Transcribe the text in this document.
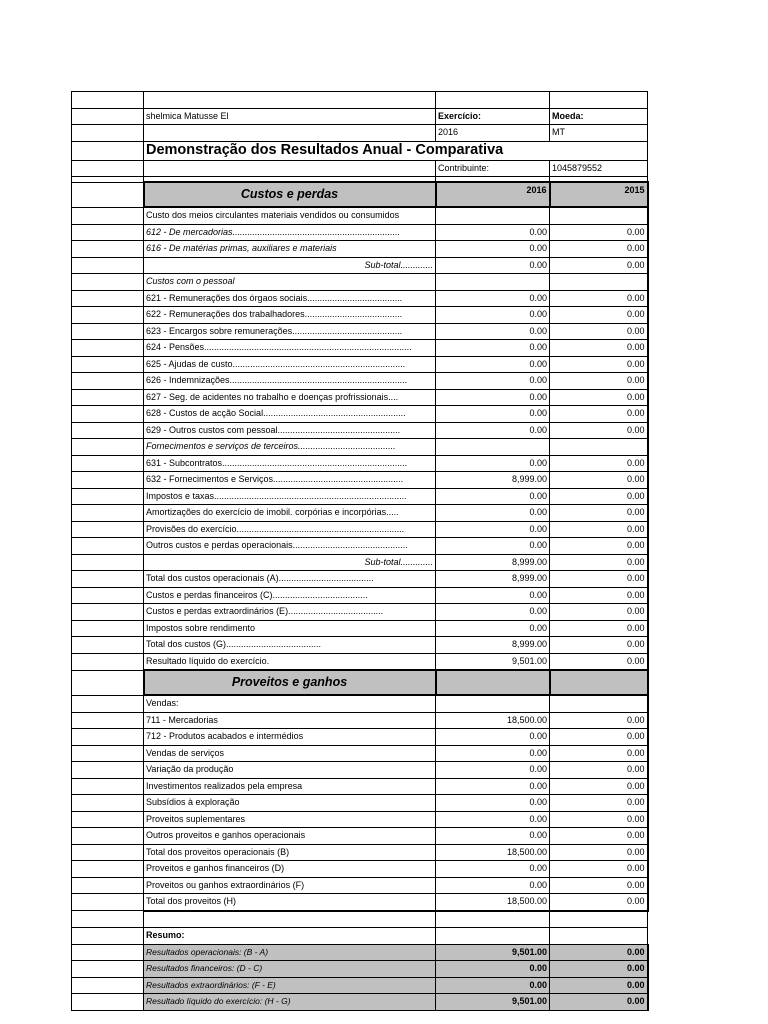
	shelmica Matusse El	Exercício:	Moeda:
		2016	MT
	Demonstração dos Resultados Anual - Comparativa		
		Contribuinte:	1045879552

	Custos e perdas	2016	2015
	Custo dos meios circulantes materiais vendidos ou consumidos		
	612 - De mercadorias...................................................................	0.00	0.00
	616 - De matérias primas, auxiliares e materiais	0.00	0.00
	Sub-total.............	0.00	0.00
	Custos com o pessoal		
	621 - Remunerações dos órgaos sociais......................................	0.00	0.00
	622 - Remunerações dos trabalhadores.......................................	0.00	0.00
	623 - Encargos sobre remunerações............................................	0.00	0.00
	624 - Pensões...................................................................................	0.00	0.00
	625 - Ajudas de custo.....................................................................	0.00	0.00
	626 - Indemnizações.......................................................................	0.00	0.00
	627 - Seg. de acidentes no trabalho e doenças profrissionais....	0.00	0.00
	628 - Custos de acção Social.........................................................	0.00	0.00
	629 - Outros custos com pessoal.................................................	0.00	0.00
	Fornecimentos e serviços de terceiros.......................................		
	631 - Subcontratos..........................................................................	0.00	0.00
	632 - Fornecimentos e Serviços....................................................	8,999.00	0.00
	Impostos e taxas.............................................................................	0.00	0.00
	Amortizações do exercício de imobil. corpórias e incorpórias.....	0.00	0.00
	Provisões do exercício...................................................................	0.00	0.00
	Outros custos e perdas operacionais..............................................	0.00	0.00
	Sub-total.............	8,999.00	0.00
	Total dos custos operacionais (A)......................................	8,999.00	0.00
	Custos e perdas financeiros (C)......................................	0.00	0.00
	Custos e perdas extraordinários (E)......................................	0.00	0.00
	Impostos sobre rendimento	0.00	0.00
	Total dos custos (G)......................................	8,999.00	0.00
	Resultado líquido do exercício.	9,501.00	0.00
	Proveitos e ganhos		
	Vendas:		
	711 - Mercadorias	18,500.00	0.00
	712 - Produtos acabados e intermédios	0.00	0.00
	Vendas de serviços	0.00	0.00
	Variação da produção	0.00	0.00
	Investimentos realizados pela empresa	0.00	0.00
	Subsídios à exploração	0.00	0.00
	Proveitos suplementares	0.00	0.00
	Outros proveitos e ganhos operacionais	0.00	0.00
	Total dos proveitos operacionais (B)	18,500.00	0.00
	Proveitos e ganhos financeiros (D)	0.00	0.00
	Proveitos ou ganhos extraordinários (F)	0.00	0.00
	Total dos proveitos (H)	18,500.00	0.00

	Resumo:		
	Resultados operacionais: (B - A)	9,501.00	0.00
	Resultados financeiros: (D - C)	0.00	0.00
	Resultados extraordinários: (F - E)	0.00	0.00
	Resultado líquido do exercício: (H - G)	9,501.00	0.00
